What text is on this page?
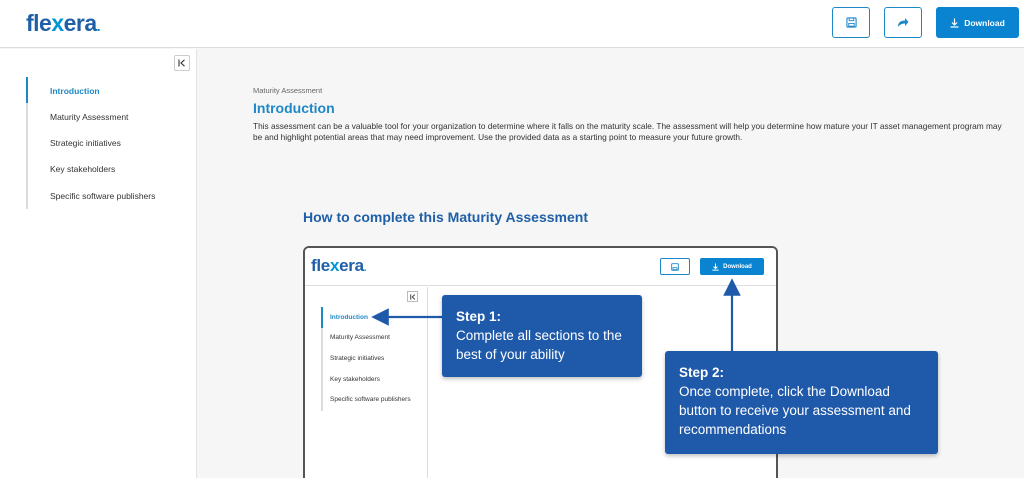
flexera.	Download
Introduction
Maturity Assessment
Strategic initiatives
Key stakeholders
Specific software publishers
Maturity Assessment
Introduction
This assessment can be a valuable tool for your organization to determine where it falls on the maturity scale. The assessment will help you determine how mature your IT asset management program may be and highlight potential areas that may need improvement. Use the provided data as a starting point to measure your future growth.
How to complete this Maturity Assessment
flexera.	Download
Introduction
Maturity Assessment
Strategic initiatives
Key stakeholders
Specific software publishers
Step 1:
Complete all sections to the best of your ability
Step 2:
Once complete, click the Download button to receive your assessment and recommendations
